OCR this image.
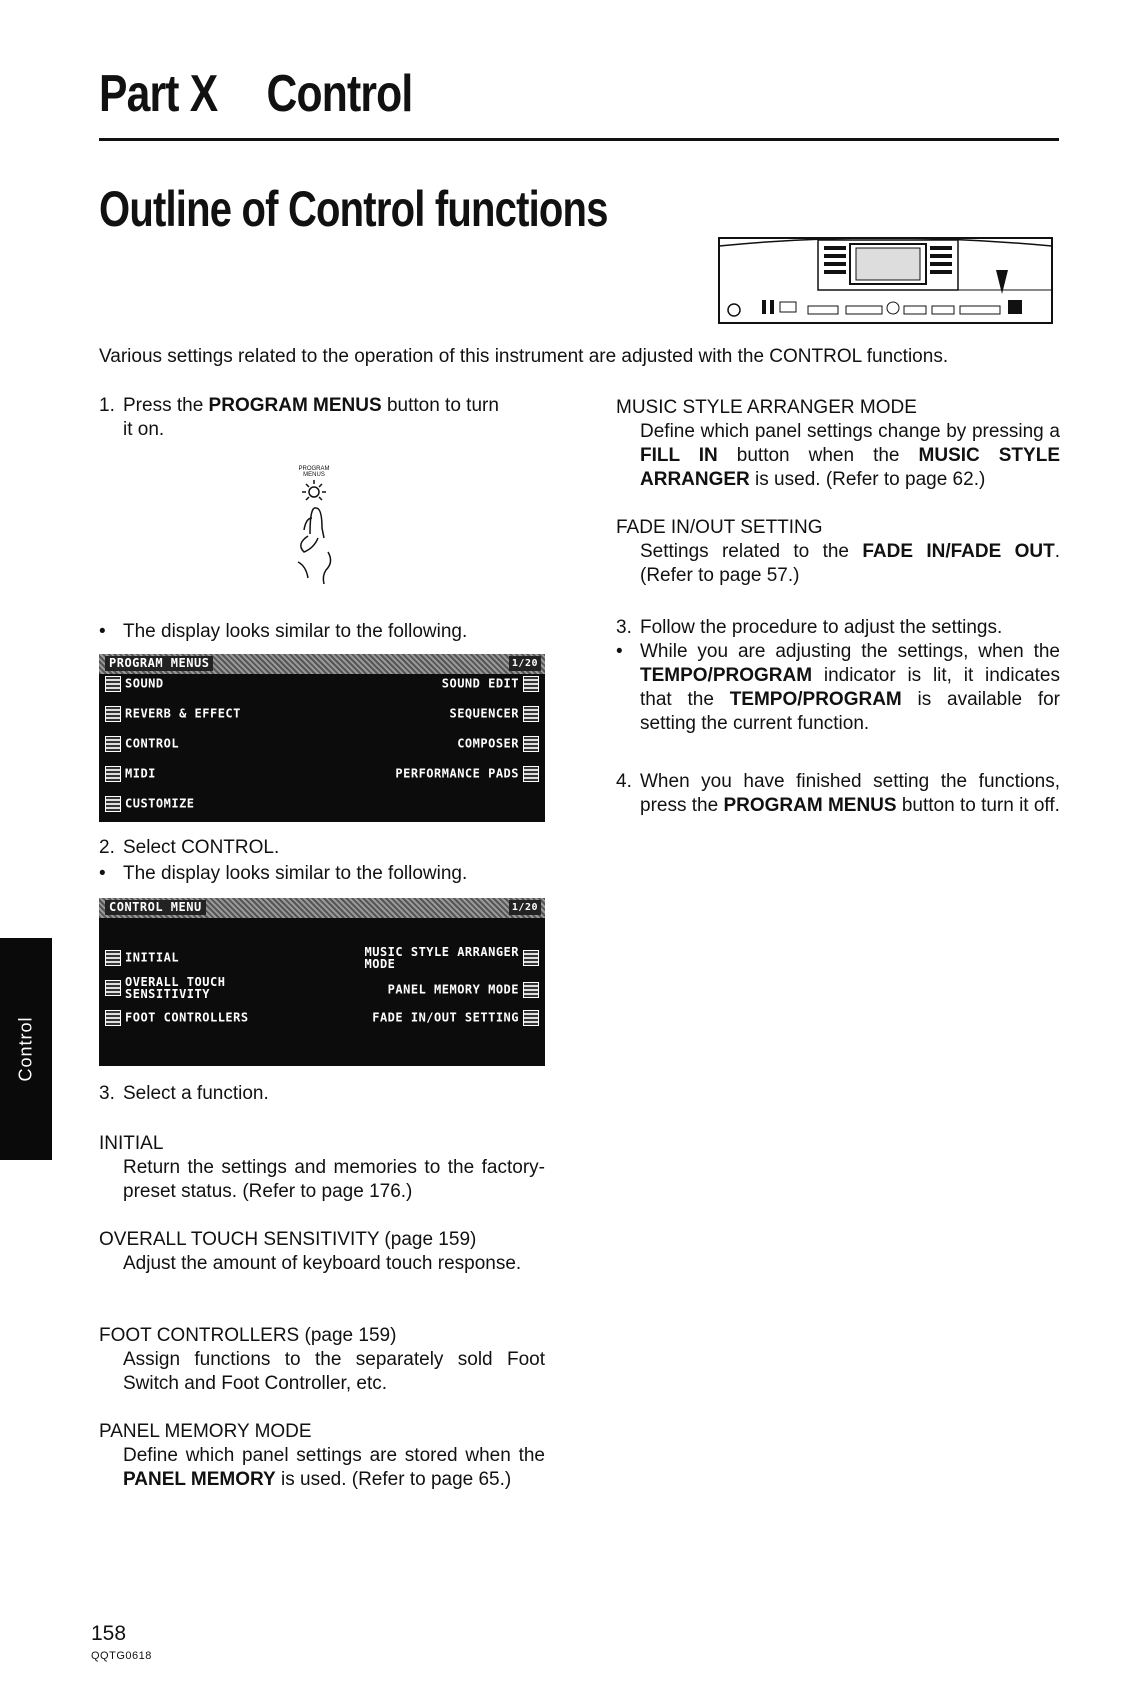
Part X Control
Outline of Control functions
Various settings related to the operation of this instrument are adjusted with the CONTROL functions.
1. Press the PROGRAM MENUS button to turn
it on.
PROGRAM
MENUS
• The display looks similar to the following.
PROGRAM MENUS	1/20
SOUND
REVERB & EFFECT
CONTROL
MIDI
CUSTOMIZE
SOUND EDIT
SEQUENCER
COMPOSER
PERFORMANCE PADS
2. Select CONTROL.
• The display looks similar to the following.
CONTROL MENU	1/20
INITIAL
OVERALL TOUCH
SENSITIVITY
FOOT CONTROLLERS
MUSIC STYLE ARRANGER
MODE
PANEL MEMORY MODE
FADE IN/OUT SETTING
3. Select a function.
INITIAL
Return the settings and memories to the factory-preset status. (Refer to page 176.)
OVERALL TOUCH SENSITIVITY (page 159)
Adjust the amount of keyboard touch response.
FOOT CONTROLLERS (page 159)
Assign functions to the separately sold Foot Switch and Foot Controller, etc.
PANEL MEMORY MODE
Define which panel settings are stored when the PANEL MEMORY is used. (Refer to page 65.)
MUSIC STYLE ARRANGER MODE
Define which panel settings change by pressing a FILL IN button when the MUSIC STYLE ARRANGER is used. (Refer to page 62.)
FADE IN/OUT SETTING
Settings related to the FADE IN/FADE OUT. (Refer to page 57.)
3. Follow the procedure to adjust the settings.
• While you are adjusting the settings, when the TEMPO/PROGRAM indicator is lit, it indicates that the TEMPO/PROGRAM is available for setting the current function.
4. When you have finished setting the functions, press the PROGRAM MENUS button to turn it off.
Control
158
QQTG0618
